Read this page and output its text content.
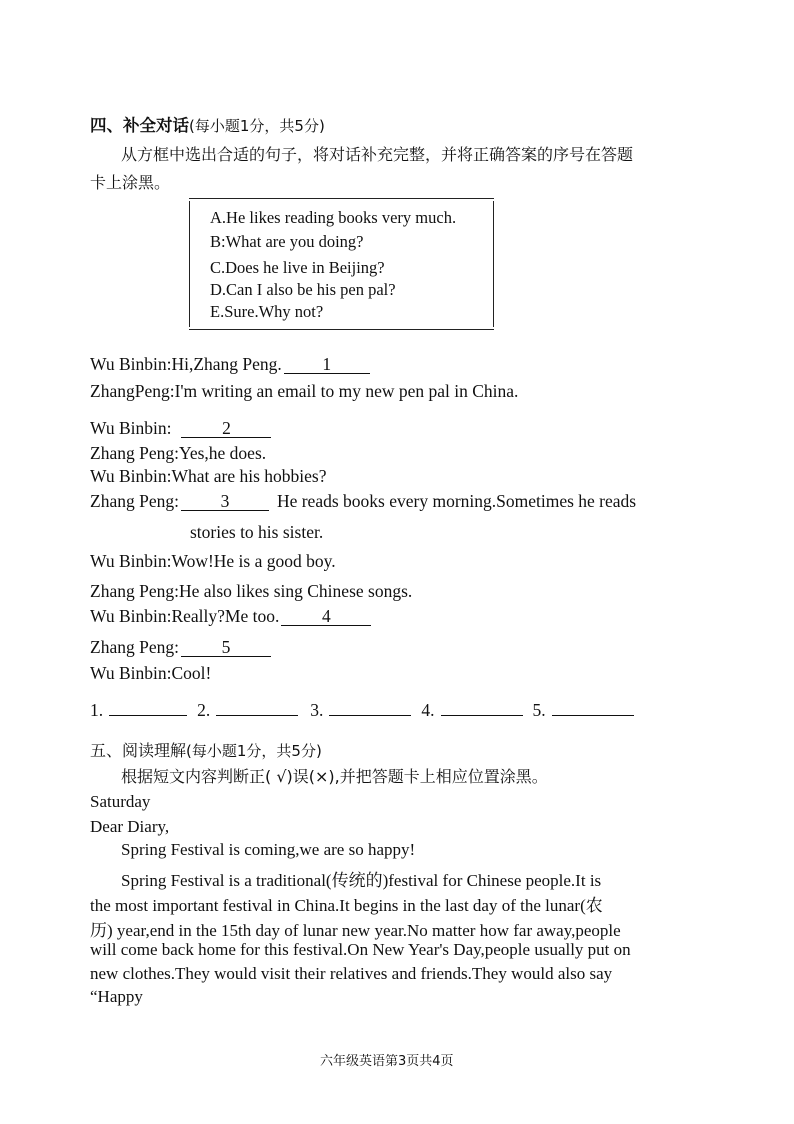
四、补全对话(每小题1分，共5分)
从方框中选出合适的句子，将对话补充完整，并将正确答案的序号在答题
卡上涂黑。
A.He likes reading books very much.
B:What are you doing?
C.Does he live in Beijing?
D.Can I also be his pen pal?
E.Sure.Why not?
Wu Binbin:Hi,Zhang Peng. 1
ZhangPeng:I'm writing an email to my new pen pal in China.
Wu Binbin:	2
Zhang Peng:Yes,he does.
Wu Binbin:What are his hobbies?
Zhang Peng: 3	He reads books every morning.Sometimes he reads
stories to his sister.
Wu Binbin:Wow!He is a good boy.
Zhang Peng:He also likes sing Chinese songs.
Wu Binbin:Really?Me too. 4
Zhang Peng: 5
Wu Binbin:Cool!
1.	2.	3.	4.	5.
五、阅读理解(每小题1分，共5分)
根据短文内容判断正( √)误(×),并把答题卡上相应位置涂黑。
Saturday
Dear Diary,
Spring Festival is coming,we are so happy!
Spring Festival is a traditional(传统的)festival for Chinese people.It is
the most important festival in China.It begins in the last day of the lunar(农
历) year,end in the 15th day of lunar new year.No matter how far away,people
will come back home for this festival.On New Year's Day,people usually put on
new clothes.They would visit their relatives and friends.They would also say
“Happy
六年级英语第3页共4页
